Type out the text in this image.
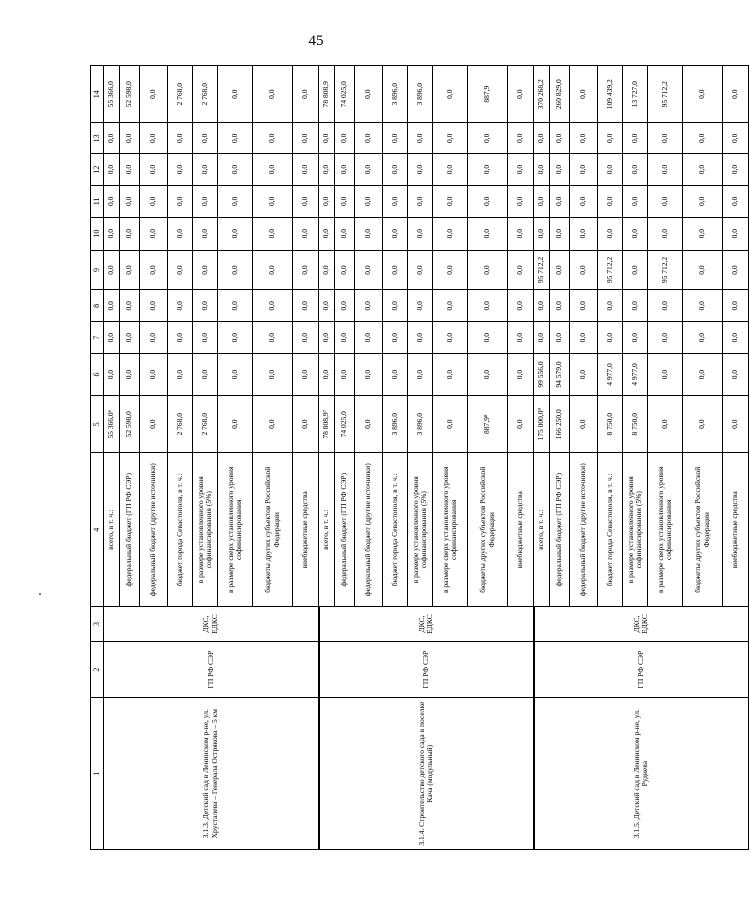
45
1	2	3	4	5	6	7	8	9	10	11	12	13	14
3.1.3. Детский сад в Ленинском р-не, ул. Хрусталева – Генерала Острякова – 5 км	ГП РФ СЭР	ДКС, ЕДКС	всего, в т. ч.:	55 366,0⁶	0,0	0,0	0,0	0,0	0,0	0,0	0,0	0,0	55 366,0
			федеральный бюджет (ГП РФ СЭР)	52 598,0	0,0	0,0	0,0	0,0	0,0	0,0	0,0	0,0	52 598,0
			федеральный бюджет (другие источники)	0,0	0,0	0,0	0,0	0,0	0,0	0,0	0,0	0,0	0,0
			бюджет города Севастополя, в т. ч.:	2 768,0	0,0	0,0	0,0	0,0	0,0	0,0	0,0	0,0	2 768,0
			в размере установленного уровня софинансирования (5%)	2 768,0	0,0	0,0	0,0	0,0	0,0	0,0	0,0	0,0	2 768,0
			в размере сверх установленного уровня софинансирования	0,0	0,0	0,0	0,0	0,0	0,0	0,0	0,0	0,0	0,0
			бюджеты других субъектов Российской Федерации	0,0	0,0	0,0	0,0	0,0	0,0	0,0	0,0	0,0	0,0
			внебюджетные средства	0,0	0,0	0,0	0,0	0,0	0,0	0,0	0,0	0,0	0,0
3.1.4. Строительство детского сада в поселке Кача (модульный)	ГП РФ СЭР	ДКС, ЕДКС	всего, в т. ч.:	78 808,9⁷	0,0	0,0	0,0	0,0	0,0	0,0	0,0	0,0	78 808,9
			федеральный бюджет (ГП РФ СЭР)	74 025,0	0,0	0,0	0,0	0,0	0,0	0,0	0,0	0,0	74 025,0
			федеральный бюджет (другие источники)	0,0	0,0	0,0	0,0	0,0	0,0	0,0	0,0	0,0	0,0
			бюджет города Севастополя, в т. ч.:	3 896,0	0,0	0,0	0,0	0,0	0,0	0,0	0,0	0,0	3 896,0
			в размере установленного уровня софинансирования (5%)	3 896,0	0,0	0,0	0,0	0,0	0,0	0,0	0,0	0,0	3 896,0
			в размере сверх установленного уровня софинансирования	0,0	0,0	0,0	0,0	0,0	0,0	0,0	0,0	0,0	0,0
			бюджеты других субъектов Российской Федерации	887,9⁸	0,0	0,0	0,0	0,0	0,0	0,0	0,0	0,0	887,9
			внебюджетные средства	0,0	0,0	0,0	0,0	0,0	0,0	0,0	0,0	0,0	0,0
3.1.5. Детский сад в Ленинском р-не, ул. Руднева	ГП РФ СЭР	ДКС, ЕДКС	всего, в т. ч.:	175 000,0⁹	99 556,0	0,0	0,0	95 712,2	0,0	0,0	0,0	0,0	370 268,2
			федеральный бюджет (ГП РФ СЭР)	166 250,0	94 579,0	0,0	0,0	0,0	0,0	0,0	0,0	0,0	260 829,0
			федеральный бюджет (другие источники)	0,0	0,0	0,0	0,0	0,0	0,0	0,0	0,0	0,0	0,0
			бюджет города Севастополя, в т. ч.:	8 750,0	4 977,0	0,0	0,0	95 712,2	0,0	0,0	0,0	0,0	109 439,2
			в размере установленного уровня софинансирования (5%)	8 750,0	4 977,0	0,0	0,0	0,0	0,0	0,0	0,0	0,0	13 727,0
			в размере сверх установленного уровня софинансирования	0,0	0,0	0,0	0,0	95 712,2	0,0	0,0	0,0	0,0	95 712,2
			бюджеты других субъектов Российской Федерации	0,0	0,0	0,0	0,0	0,0	0,0	0,0	0,0	0,0	0,0
			внебюджетные средства	0,0	0,0	0,0	0,0	0,0	0,0	0,0	0,0	0,0	0,0
